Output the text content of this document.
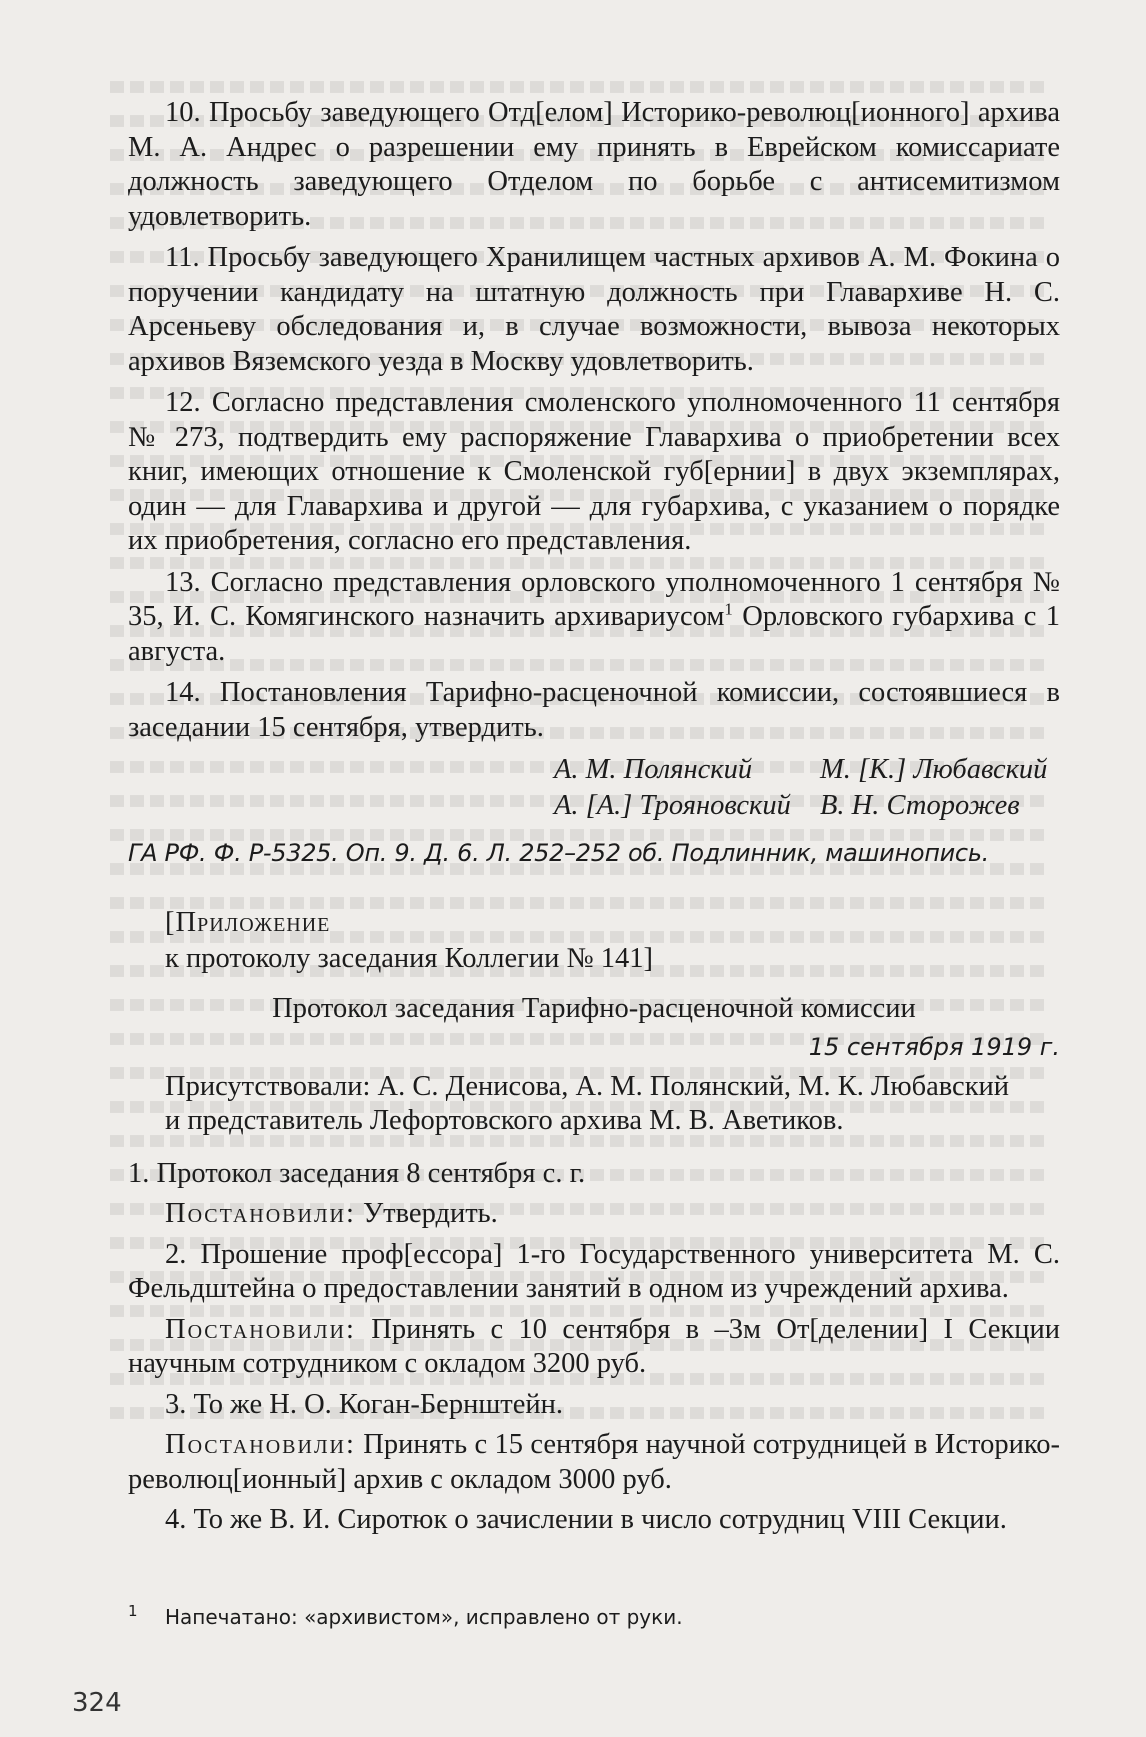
10. Просьбу заведующего Отд[елом] Историко-революц[ионного] архива М. А. Андрес о разрешении ему принять в Еврейском комиссариате должность заведующего Отделом по борьбе с антисемитизмом удовлетворить.

11. Просьбу заведующего Хранилищем частных архивов А. М. Фокина о поручении кандидату на штатную должность при Главархиве Н. С. Арсеньеву обследования и, в случае возможности, вывоза некоторых архивов Вяземского уезда в Москву удовлетворить.

12. Согласно представления смоленского уполномоченного 11 сентября № 273, подтвердить ему распоряжение Главархива о приобретении всех книг, имеющих отношение к Смоленской губ[ернии] в двух экземплярах, один — для Главархива и другой — для губархива, с указанием о порядке их приобретения, согласно его представления.

13. Согласно представления орловского уполномоченного 1 сентября № 35, И. С. Комягинского назначить архивариусом$^1$ Орловского губархива с 1 августа.

14. Постановления Тарифно-расценочной комиссии, состоявшиеся в заседании 15 сентября, утвердить.

А. М. Полянский	М. [К.] Любавский
А. [А.] Трояновский	В. Н. Сторожев

ГА РФ. Ф. Р-5325. Оп. 9. Д. 6. Л. 252–252 об. Подлинник, машинопись.

[Приложение
к протоколу заседания Коллегии № 141]

Протокол заседания Тарифно-расценочной комиссии

15 сентября 1919 г.

Присутствовали: А. С. Денисова, А. М. Полянский, М. К. Любавский
и представитель Лефортовского архива М. В. Аветиков.

1. Протокол заседания 8 сентября с. г.

Постановили: Утвердить.

2. Прошение проф[ессора] 1-го Государственного университета М. С. Фельдштейна о предоставлении занятий в одном из учреждений архива.

Постановили: Принять с 10 сентября в –3м От[делении] I Секции научным сотрудником с окладом 3200 руб.

3. То же Н. О. Коган-Бернштейн.

Постановили: Принять с 15 сентября научной сотрудницей в Историко-революц[ионный] архив с окладом 3000 руб.

4. То же В. И. Сиротюк о зачислении в число сотрудниц VIII Секции.

1 Напечатано: «архивистом», исправлено от руки.
324
